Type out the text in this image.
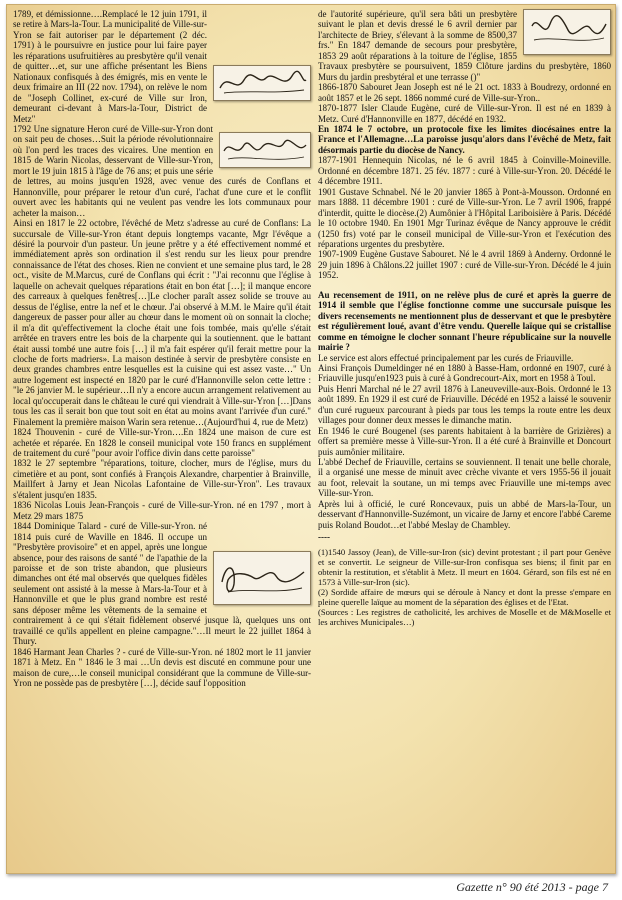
1789, et démissionne….Remplacé le 12 juin 1791, il se retire à Mars-la-Tour. La municipalité de Ville-sur-Yron se fait autoriser par le département (2 déc. 1791) à le poursuivre en justice pour lui faire payer les réparations usufruitières au presbytère qu'il venait de quitter…et, sur une affiche présentant les Biens Nationaux confisqués à des émigrés, mis en vente le deux frimaire an III (22 nov. 1794), on relève le nom de "Joseph Collinet, ex-curé de Ville sur Iron, demeurant ci-devant à Mars-la-Tour, District de Metz"

1792 Une signature Heron curé de Ville-sur-Yron dont on sait peu de choses…Suit la période révolutionnaire où l'on perd les traces des vicaires. Une mention en 1815 de Warin Nicolas, desservant de Ville-sur-Yron, mort le 19 juin 1815 à l'âge de 76 ans; et puis une série de lettres, au moins jusqu'en 1928, avec venue des curés de Conflans et Hannonville, pour préparer le retour d'un curé, l'achat d'une cure et le conflit ouvert avec les habitants qui ne veulent pas vendre les lots communaux pour acheter la maison…

Ainsi en 1817 le 22 octobre, l'évêché de Metz s'adresse au curé de Conflans: La succursale de Ville-sur-Yron étant depuis longtemps vacante, Mgr l'évêque a désiré la pourvoir d'un pasteur. Un jeune prêtre y a été effectivement nommé et immédiatement après son ordination il s'est rendu sur les lieux pour prendre connaissance de l'état des choses. Rien ne convient et une semaine plus tard, le 28 oct., visite de M.Marcus, curé de Conflans qui écrit : "J'ai reconnu que l'église à laquelle on achevait quelques réparations était en bon état […]; il manque encore des carreaux à quelques fenêtres[…]Le clocher paraît assez solide se trouve au dessus de l'église, entre la nef et le chœur. J'ai observé à M.M. le Maire qu'il était dangereux de passer pour aller au chœur dans le moment où on sonnait la cloche; il m'a dit qu'effectivement la cloche était une fois tombée, mais qu'elle s'était arrêtée en travers entre les bois de la charpente qui la soutiennent. que le battant était aussi tombé une autre fois […] il m'a fait espérer qu'il ferait mettre pour la cloche de forts madriers». La maison destinée à servir de presbytère consiste en deux grandes chambres entre lesquelles est la cuisine qui est assez vaste…" Un autre logement est inspecté en 1820 par le curé d'Hannonville selon cette lettre : "le 26 janvier M. le supérieur…Il n'y a encore aucun arrangement relativement au local qu'occuperait dans le château le curé qui viendrait à Ville-sur-Yron […]Dans tous les cas il serait bon que tout soit en état au moins avant l'arrivée d'un curé." Finalement la première maison Warin sera retenue…(Aujourd'hui 4, rue de Metz)

1824 Thouvenin - curé de Ville-sur-Yron….En 1824 une maison de cure est achetée et réparée. En 1828 le conseil municipal vote 150 francs en supplément de traitement du curé "pour avoir l'office divin dans cette paroisse"

1832 le 27 septembre "réparations, toiture, clocher, murs de l'église, murs du cimetière et au pont, sont confiés à François Alexandre, charpentier à Brainville, Maillfert à Jarny et Jean Nicolas Lafontaine de Ville-sur-Yron". Les travaux s'étalent jusqu'en 1835.

1836 Nicolas Louis Jean-François - curé de Ville-sur-Yron. né en 1797 , mort à Metz 29 mars 1875

1844 Dominique Talard - curé de Ville-sur-Yron. né 1814 puis curé de Waville en 1846. Il occupe un "Presbytère provisoire" et en appel, après une longue absence, pour des raisons de santé " de l'apathie de la paroisse et de son triste abandon, que plusieurs dimanches ont été mal observés que quelques fidèles seulement ont assisté à la messe à Mars-la-Tour et à Hannonville et que le plus grand nombre est resté sans déposer même les vêtements de la semaine et contrairement à ce qui s'était fidèlement observé jusque là, quelques uns ont travaillé ce qu'ils appellent en pleine campagne."…Il meurt le 22 juillet 1864 à Thury.

1846 Harmant Jean Charles ? - curé de Ville-sur-Yron. né 1802 mort le 11 janvier 1871 à Metz. En " 1846 le 3 mai …Un devis est discuté en commune pour une maison de cure,…le conseil municipal considérant que la commune de Ville-sur-Yron ne possède pas de presbytère […], décide sauf l'opposition

de l'autorité supérieure, qu'il sera bâti un presbytère suivant le plan et devis dressé le 6 avril dernier par l'architecte de Briey, s'élevant à la somme de 8500,37 frs." En 1847 demande de secours pour presbytère, 1853 29 août réparations à la toiture de l'église, 1855 Travaux presbytère se poursuivent, 1859 Clôture jardins du presbytère, 1860 Murs du jardin presbytéral et une terrasse ()"

1866-1870 Sabouret Jean Joseph est né le 21 oct. 1833 à Boudrezy, ordonné en août 1857 et le 26 sept. 1866 nommé curé de Ville-sur-Yron..

1870-1877 Isler Claude Eugène, curé de Ville-sur-Yron. Il est né en 1839 à Metz. Curé d'Hannonville en 1877, décédé en 1932.

En 1874 le 7 octobre, un protocole fixe les limites diocésaines entre la France et l'Allemagne…La paroisse jusqu'alors dans l'évêché de Metz, fait désormais partie du diocèse de Nancy.

1877-1901 Hennequin Nicolas, né le 6 avril 1845 à Coinville-Moineville. Ordonné en décembre 1871. 25 fév. 1877 : curé à Ville-sur-Yron. 20. Décédé le 4 décembre 1911.

1901 Gustave Schnabel. Né le 20 janvier 1865 à Pont-à-Mousson. Ordonné en mars 1888. 11 décembre 1901 : curé de Ville-sur-Yron. Le 7 avril 1906, frappé d'interdit, quitte le diocèse.(2) Aumônier à l'Hôpital Lariboisière à Paris. Décédé le 10 octobre 1940. En 1901 Mgr Turinaz évêque de Nancy approuve le crédit (1250 frs) voté par le conseil municipal de Ville-sur-Yron et l'exécution des réparations urgentes du presbytère.

1907-1909 Eugène Gustave Sabouret. Né le 4 avril 1869 à Anderny. Ordonné le 29 juin 1896 à Châlons.22 juillet 1907 : curé de Ville-sur-Yron. Décédé le 4 juin 1952.

Au recensement de 1911, on ne relève plus de curé et après la guerre de 1914 il semble que l'église fonctionne comme une succursale puisque les divers recensements ne mentionnent plus de desservant et que le presbytère est régulièrement loué, avant d'être vendu. Querelle laïque qui se cristallise comme en témoigne le clocher sonnant l'heure républicaine sur la nouvelle mairie ?

Le service est alors effectué principalement par les curés de Friauville.

Ainsi François Dumeldinger né en 1880 à Basse-Ham, ordonné en 1907, curé à Friauville jusqu'en1923 puis à curé à Gondrecourt-Aix, mort en 1958 à Toul.

Puis Henri Marchal né le 27 avril 1876 à Laneuveville-aux-Bois. Ordonné le 13 août 1899. En 1929 il est curé de Friauville. Décédé en 1952 a laissé le souvenir d'un curé rugueux parcourant à pieds par tous les temps la route entre les deux villages pour donner deux messes le dimanche matin.

En 1946 le curé Bougenel (ses parents habitaient à la barrière de Grizières) a offert sa première messe à Ville-sur-Yron. Il a été curé à Brainville et Doncourt puis aumônier militaire.

L'abbé Dechef de Friauville, certains se souviennent. Il tenait une belle chorale, il a organisé une messe de minuit avec crèche vivante et vers 1955-56 il jouait au foot, relevait la soutane, un mi temps avec Friauville une mi-temps avec Ville-sur-Yron.

Après lui à officié, le curé Roncevaux, puis un abbé de Mars-la-Tour, un desservant d'Hannonville-Suzémont, un vicaire de Jarny et encore l'abbé Careme puis Roland Boudot…et l'abbé Meslay de Chambley.

----

(1)1540 Jassoy (Jean), de Ville-sur-Iron (sic) devint protestant ; il part pour Genève et se convertit. Le seigneur de Ville-sur-Iron confisqua ses biens; il finit par en obtenir la restitution, et s'établit à Metz. Il meurt en 1604. Gérard, son fils est né en 1573 à Ville-sur-Iron (sic).

(2) Sordide affaire de mœurs qui se déroule à Nancy et dont la presse s'empare en pleine querelle laïque au moment de la séparation des églises et de l'Etat.

(Sources : Les registres de catholicité, les archives de Moselle et de M&Moselle et les archives Municipales…)

Gazette n° 90 été 2013 - page 7
